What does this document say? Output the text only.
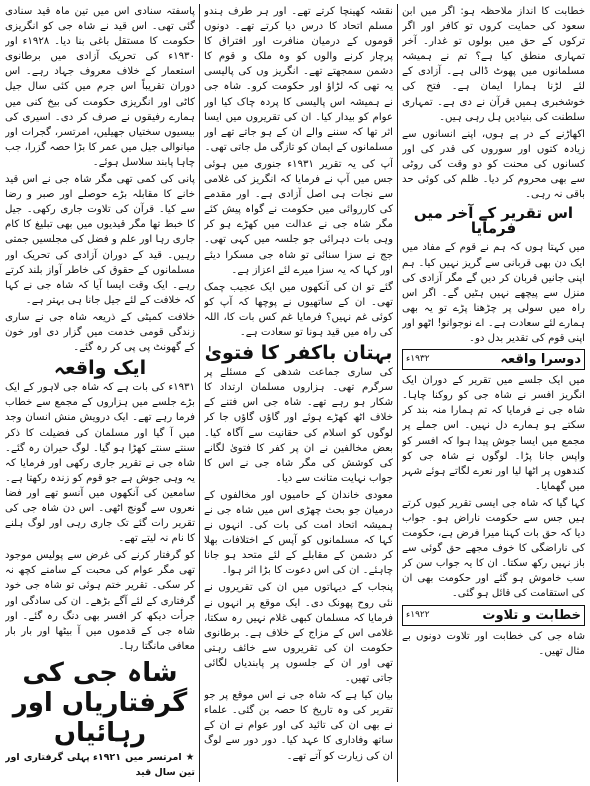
خطابت کا انداز ملاحظہ ہو: اگر میں ابن سعود کی حمایت کروں تو کافر اور اگر ترکوں کے حق میں بولوں تو غدار۔ آخر تمہاری منطق کیا ہے؟ تم نے ہمیشہ مسلمانوں میں پھوٹ ڈالی ہے۔ آزادی کے لئے لڑنا ہمارا ایمان ہے۔ فتح کی خوشخبری ہمیں قرآن نے دی ہے۔ تمہاری سلطنت کی بنیادیں ہل رہی ہیں۔

اکھاڑنے کے در پے ہوں، اپنے انسانوں سے زیادہ کتوں اور سوروں کی قدر کی اور کسانوں کی محنت کو دو وقت کی روٹی سے بھی محروم کر دیا۔ ظلم کی کوئی حد باقی نہ رہی۔

اس تقریر کے آخر میں فرمایا

میں کہتا ہوں کہ ہم نے قوم کے مفاد میں ایک دن بھی قربانی سے گریز نہیں کیا۔ ہم اپنی جانیں قربان کر دیں گے مگر آزادی کی منزل سے پیچھے نہیں ہٹیں گے۔ اگر اس راہ میں سولی پر چڑھنا پڑے تو یہ بھی ہمارے لئے سعادت ہے۔ اے نوجوانو! اٹھو اور اپنی قوم کی تقدیر بدل دو۔

دوسرا واقعہ
۱۹۳۲ء

میں ایک جلسے میں تقریر کے دوران ایک انگریز افسر نے شاہ جی کو روکنا چاہا۔ شاہ جی نے فرمایا کہ تم ہمارا منہ بند کر سکتے ہو ہمارے دل نہیں۔ اس جملے پر مجمع میں ایسا جوش پیدا ہوا کہ افسر کو واپس جانا پڑا۔ لوگوں نے شاہ جی کو کندھوں پر اٹھا لیا اور نعرے لگاتے ہوئے شہر میں گھمایا۔

کہا گیا کہ شاہ جی ایسی تقریر کیوں کرتے ہیں جس سے حکومت ناراض ہو۔ جواب دیا کہ حق بات کہنا میرا فرض ہے، حکومت کی ناراضگی کا خوف مجھے حق گوئی سے باز نہیں رکھ سکتا۔ ان کا یہ جواب سن کر سب خاموش ہو گئے اور حکومت بھی ان کی استقامت کی قائل ہو گئی۔

خطابت و تلاوت
۱۹۲۲ء

شاہ جی کی خطابت اور تلاوت دونوں بے مثال تھیں۔

نقشہ کھینچا کرتے تھے۔ اور ہر طرف ہندو مسلم اتحاد کا درس دیا کرتے تھے۔ دونوں قوموں کے درمیان منافرت اور افتراق کا پرچار کرنے والوں کو وہ ملک و قوم کا دشمن سمجھتے تھے۔ انگریز وں کی پالیسی یہ تھی کہ لڑاؤ اور حکومت کرو۔ شاہ جی نے ہمیشہ اس پالیسی کا پردہ چاک کیا اور عوام کو بیدار کیا۔ ان کی تقریروں میں ایسا اثر تھا کہ سننے والے ان کے ہو جاتے تھے اور مسلمانوں کے ایمان کو تازگی مل جاتی تھی۔

آپ کی یہ تقریر ۱۹۳۱ء جنوری میں ہوئی جس میں آپ نے فرمایا کہ انگریز کی غلامی سے نجات ہی اصل آزادی ہے۔ اور مقدمے کی کارروائی میں حکومت نے گواہ پیش کئے مگر شاہ جی نے عدالت میں کھڑے ہو کر وہی بات دہرائی جو جلسہ میں کہی تھی۔ جج نے سزا سنائی تو شاہ جی مسکرا دیئے اور کہا کہ یہ سزا میرے لئے اعزاز ہے۔

گئے تو ان کی آنکھوں میں ایک عجیب چمک تھی۔ ان کے ساتھیوں نے پوچھا کہ آپ کو کوئی غم نہیں؟ فرمایا غم کس بات کا، اللہ کی راہ میں قید ہونا تو سعادت ہے۔

بہتان باکفر کا فتویٰ

کی ساری جماعت شدھی کے مسئلے پر سرگرم تھی۔ ہزاروں مسلمان ارتداد کا شکار ہو رہے تھے۔ شاہ جی اس فتنے کے خلاف اٹھ کھڑے ہوئے اور گاؤں گاؤں جا کر لوگوں کو اسلام کی حقانیت سے آگاہ کیا۔ بعض مخالفین نے ان پر کفر کا فتویٰ لگانے کی کوشش کی مگر شاہ جی نے اس کا جواب نہایت متانت سے دیا۔

معودی خاندان کے حامیوں اور مخالفوں کے درمیان جو بحث چھڑی اس میں شاہ جی نے ہمیشہ اتحاد امت کی بات کی۔ انہوں نے کہا کہ مسلمانوں کو آپس کے اختلافات بھلا کر دشمن کے مقابلے کے لئے متحد ہو جانا چاہئے۔ ان کی اس دعوت کا بڑا اثر ہوا۔

پنجاب کے دیہاتوں میں ان کی تقریروں نے نئی روح پھونک دی۔ ایک موقع پر انہوں نے فرمایا کہ مسلمان کبھی غلام نہیں رہ سکتا، غلامی اس کے مزاج کے خلاف ہے۔ برطانوی حکومت ان کی تقریروں سے خائف رہتی تھی اور ان کے جلسوں پر پابندیاں لگائی جاتی تھیں۔

بیان کیا ہے کہ شاہ جی نے اس موقع پر جو تقریر کی وہ تاریخ کا حصہ بن گئی۔ علماء نے بھی ان کی تائید کی اور عوام نے ان کے ساتھ وفاداری کا عہد کیا۔ دور دور سے لوگ ان کی زیارت کو آتے تھے۔

پاسفتہ سنادی اس میں تین ماہ قید سنادی گئی تھی۔ اس قید نے شاہ جی کو انگریزی حکومت کا مستقل باغی بنا دیا۔ ۱۹۲۸ء اور ۱۹۳۰ء کی تحریک آزادی میں برطانوی استعمار کے خلاف معروف جہاد رہے۔ اس دوران تقریباً اس جرم میں کئی سال جیل کاٹی اور انگریزی حکومت کی بیخ کنی میں ہمارے رفیقوں نے صرف کر دی۔ اسیری کی بیسیوں سختیاں جھیلیں، امرتسر، گجرات اور میانوالی جیل میں عمر کا بڑا حصہ گزرا، جب چاہا پابند سلاسل ہوئے۔

پانی کی کمی تھی مگر شاہ جی نے اس قید خانے کا مقابلہ بڑے حوصلے اور صبر و رضا سے کیا۔ قرآن کی تلاوت جاری رکھی۔ جیل کا خبط تھا مگر قیدیوں میں بھی تبلیغ کا کام جاری رہا اور علم و فضل کی مجلسیں جمتی رہیں۔ قید کے دوران آزادی کی تحریک اور مسلمانوں کے حقوق کی خاطر آواز بلند کرتے رہے۔ ایک وقت ایسا آیا کہ شاہ جی نے کہا کہ خلافت کے لئے جیل جانا ہی بہتر ہے۔

خلافت کمیٹی کے ذریعہ شاہ جی نے ساری زندگی قومی خدمت میں گزار دی اور خون کے گھونٹ پی پی کر رہ گئے۔

ایک واقعہ

۱۹۳۱ء کی بات ہے کہ شاہ جی لاہور کے ایک بڑے جلسے میں ہزاروں کے مجمع سے خطاب فرما رہے تھے۔ ایک درویش منش انسان وجد میں آ گیا اور مسلمان کی فضیلت کا ذکر سنتے سنتے کھڑا ہو گیا۔ لوگ حیران رہ گئے۔ شاہ جی نے تقریر جاری رکھی اور فرمایا کہ یہ وہی جوش ہے جو قوم کو زندہ رکھتا ہے۔ سامعین کی آنکھوں میں آنسو تھے اور فضا نعروں سے گونج اٹھی۔ اس دن شاہ جی کی تقریر رات گئے تک جاری رہی اور لوگ ہلنے کا نام نہ لیتے تھے۔

کو گرفتار کرنے کی غرض سے پولیس موجود تھی مگر عوام کی محبت کے سامنے کچھ نہ کر سکی۔ تقریر ختم ہوئی تو شاہ جی خود گرفتاری کے لئے آگے بڑھے۔ ان کی سادگی اور جرأت دیکھ کر افسر بھی دنگ رہ گئے۔ اور شاہ جی کے قدموں میں آ بیٹھا اور بار بار معافی مانگتا رہا۔

شاہ جی کی گرفتاریاں اور رہائیاں
★ امرتسر میں ۱۹۲۱ء پہلی گرفتاری اور تین سال قید
